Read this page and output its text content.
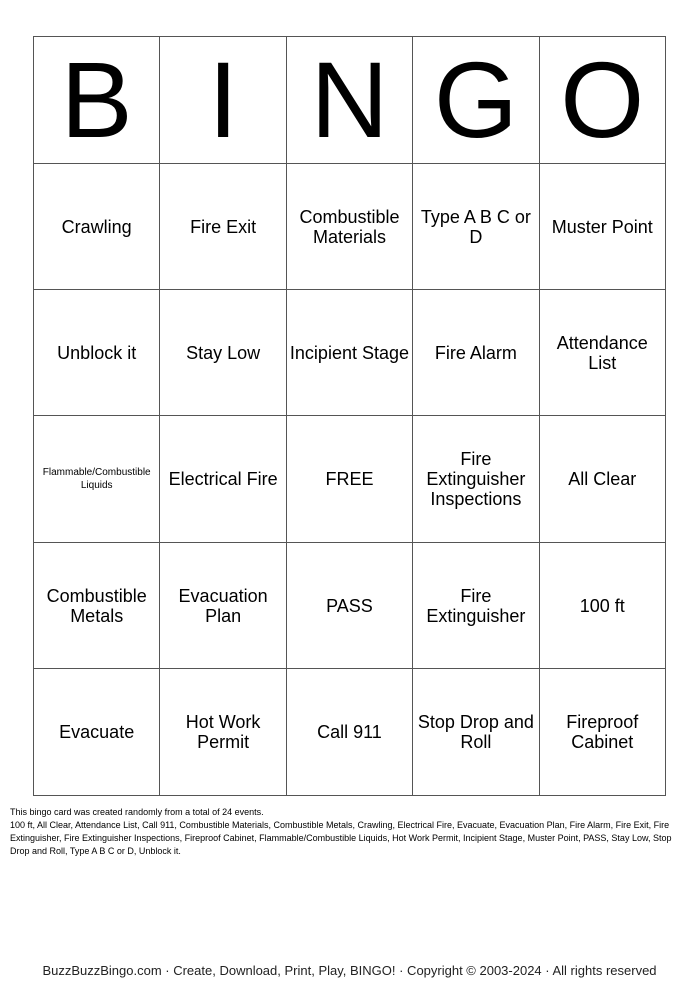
B	I	N	G	O
Crawling	Fire Exit	Combustible Materials	Type A B C or D	Muster Point
Unblock it	Stay Low	Incipient Stage	Fire Alarm	Attendance List
Flammable/Combustible Liquids	Electrical Fire	FREE	Fire Extinguisher Inspections	All Clear
Combustible Metals	Evacuation Plan	PASS	Fire Extinguisher	100 ft
Evacuate	Hot Work Permit	Call 911	Stop Drop and Roll	Fireproof Cabinet

This bingo card was created randomly from a total of 24 events.

100 ft, All Clear, Attendance List, Call 911, Combustible Materials, Combustible Metals, Crawling, Electrical Fire, Evacuate, Evacuation Plan, Fire Alarm, Fire Exit, Fire Extinguisher, Fire Extinguisher Inspections, Fireproof Cabinet, Flammable/Combustible Liquids, Hot Work Permit, Incipient Stage, Muster Point, PASS, Stay Low, Stop Drop and Roll, Type A B C or D, Unblock it.

BuzzBuzzBingo.com · Create, Download, Print, Play, BINGO! · Copyright © 2003-2024 · All rights reserved
